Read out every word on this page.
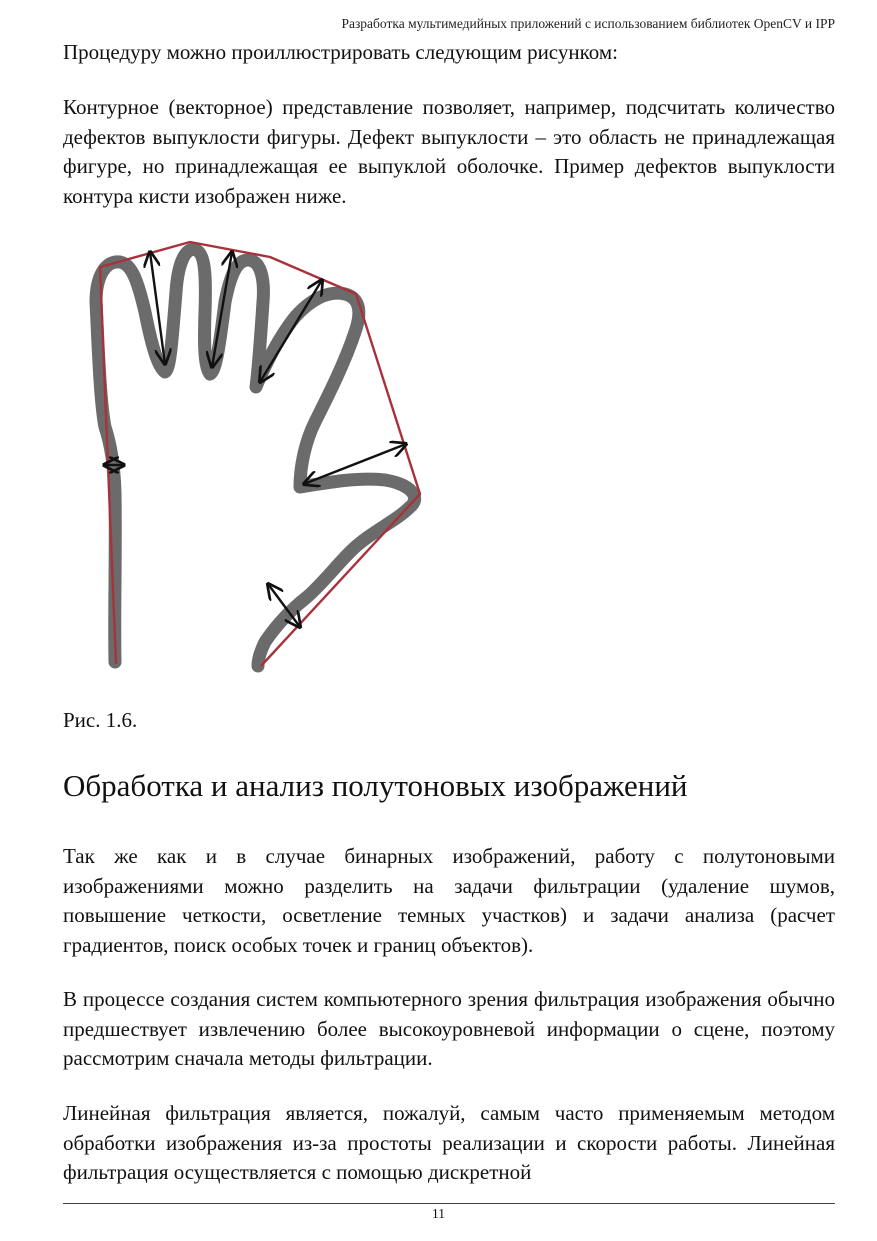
Разработка мультимедийных приложений с использованием библиотек OpenCV и IPP

Процедуру можно проиллюстрировать следующим рисунком:

Контурное (векторное) представление позволяет, например, подсчитать количество дефектов выпуклости фигуры. Дефект выпуклости – это область не принадлежащая фигуре, но принадлежащая ее выпуклой оболочке. Пример дефектов выпуклости контура кисти изображен ниже.

Рис. 1.6.
Обработка и анализ полутоновых изображений

Так же как и в случае бинарных изображений, работу с полутоновыми изображениями можно разделить на задачи фильтрации (удаление шумов, повышение четкости, осветление темных участков) и задачи анализа (расчет градиентов, поиск особых точек и границ объектов).

В процессе создания систем компьютерного зрения фильтрация изображения обычно предшествует извлечению более высокоуровневой информации о сцене, поэтому рассмотрим сначала методы фильтрации.

Линейная фильтрация является, пожалуй, самым часто применяемым методом обработки изображения из-за простоты реализации и скорости работы. Линейная фильтрация осуществляется с помощью дискретной

11
